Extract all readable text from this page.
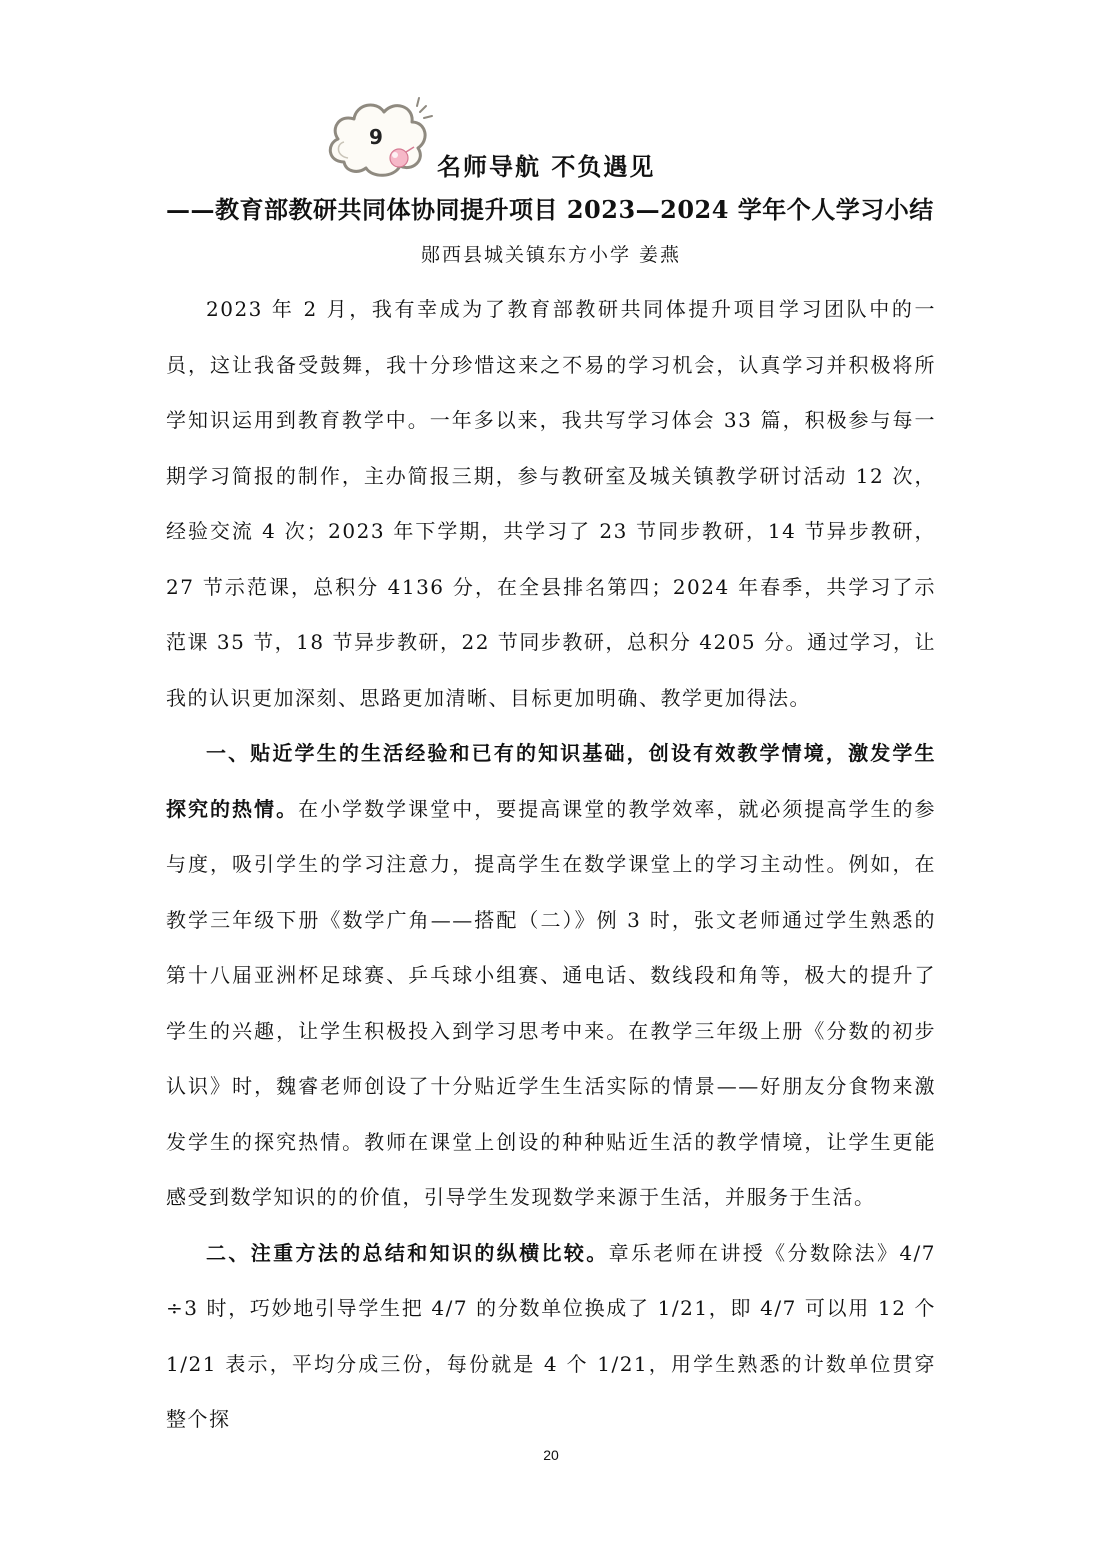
9
名师导航 不负遇见
——教育部教研共同体协同提升项目 2023—2024 学年个人学习小结
郧西县城关镇东方小学 姜燕

2023 年 2 月，我有幸成为了教育部教研共同体提升项目学习团队中的一员，这让我备受鼓舞，我十分珍惜这来之不易的学习机会，认真学习并积极将所学知识运用到教育教学中。一年多以来，我共写学习体会 33 篇，积极参与每一期学习简报的制作，主办简报三期，参与教研室及城关镇教学研讨活动 12 次，经验交流 4 次；2023 年下学期，共学习了 23 节同步教研，14 节异步教研，27 节示范课，总积分 4136 分，在全县排名第四；2024 年春季，共学习了示范课 35 节，18 节异步教研，22 节同步教研，总积分 4205 分。通过学习，让我的认识更加深刻、思路更加清晰、目标更加明确、教学更加得法。

一、贴近学生的生活经验和已有的知识基础，创设有效教学情境，激发学生探究的热情。在小学数学课堂中，要提高课堂的教学效率，就必须提高学生的参与度，吸引学生的学习注意力，提高学生在数学课堂上的学习主动性。例如，在教学三年级下册《数学广角——搭配（二）》例 3 时，张文老师通过学生熟悉的第十八届亚洲杯足球赛、乒乓球小组赛、通电话、数线段和角等，极大的提升了学生的兴趣，让学生积极投入到学习思考中来。在教学三年级上册《分数的初步认识》时，魏睿老师创设了十分贴近学生生活实际的情景——好朋友分食物来激发学生的探究热情。教师在课堂上创设的种种贴近生活的教学情境，让学生更能感受到数学知识的的价值，引导学生发现数学来源于生活，并服务于生活。

二、注重方法的总结和知识的纵横比较。章乐老师在讲授《分数除法》4/7 ÷3 时，巧妙地引导学生把 4/7 的分数单位换成了 1/21，即 4/7 可以用 12 个 1/21 表示，平均分成三份，每份就是 4 个 1/21，用学生熟悉的计数单位贯穿整个探

20
